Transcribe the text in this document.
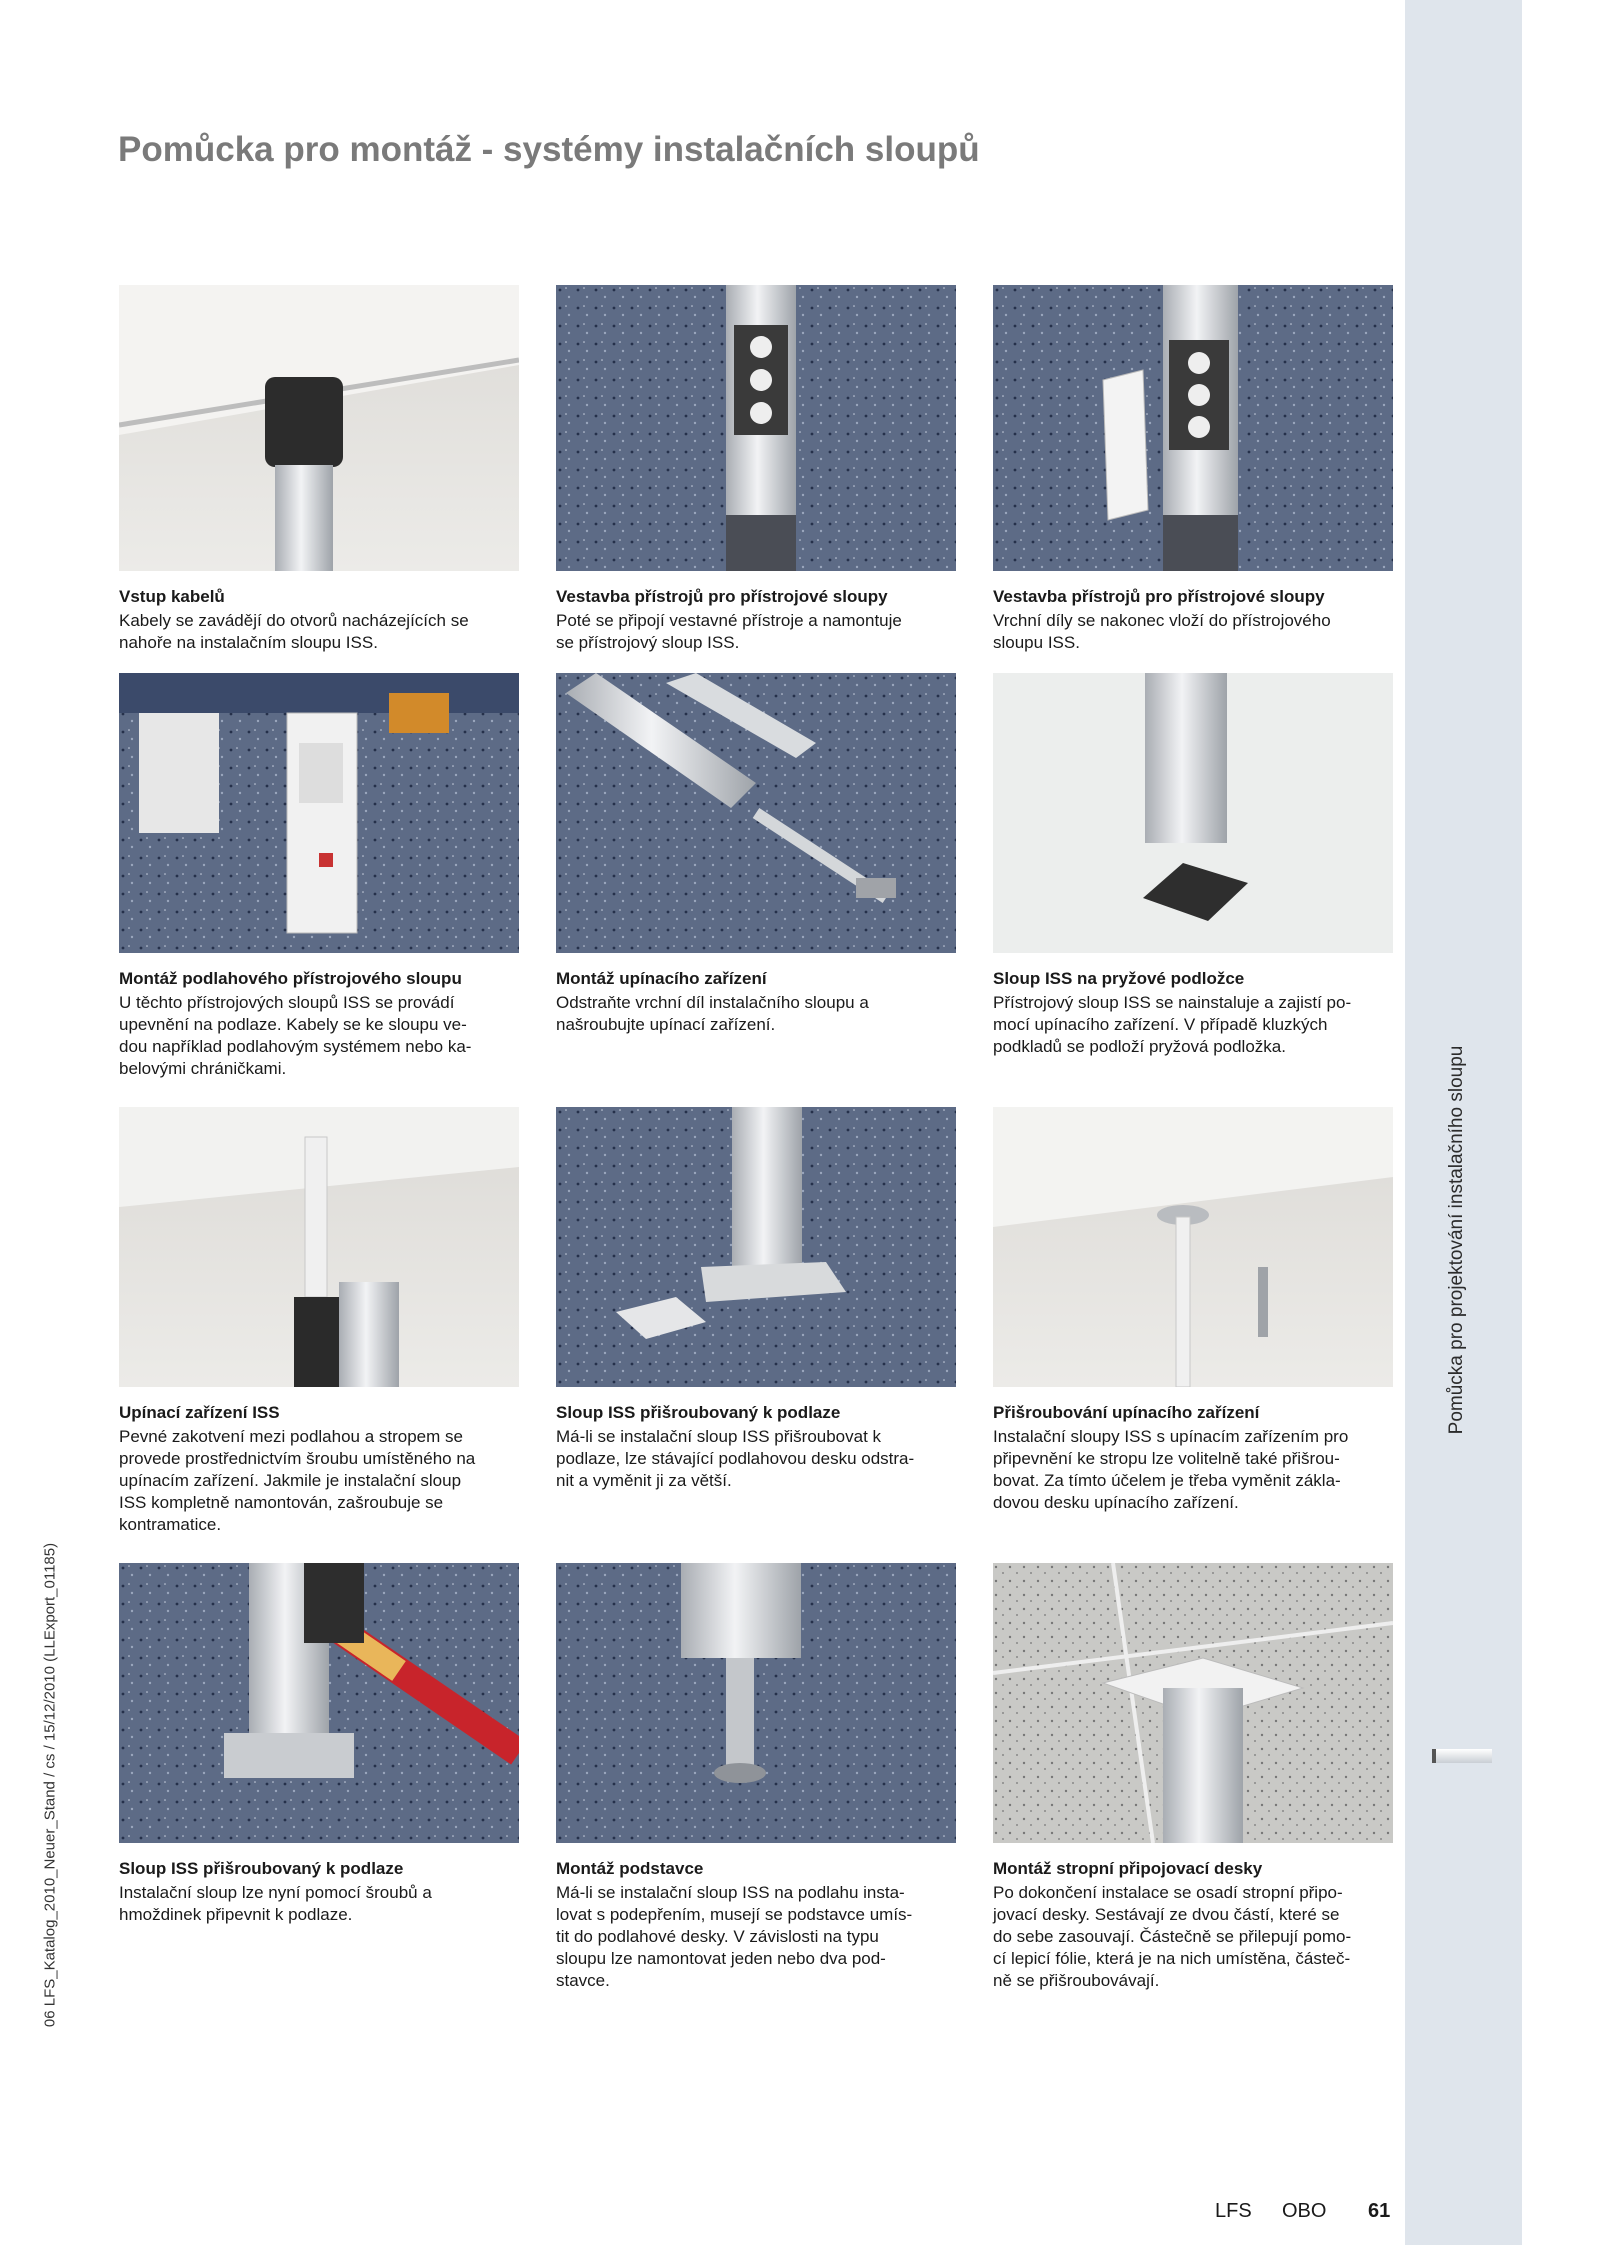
Pomůcka pro projektování instalačního sloupu
06 LFS_Katalog_2010_Neuer_Stand / cs / 15/12/2010 (LLExport_01185)
Pomůcka pro montáž - systémy instalačních sloupů
Vstup kabelů
Kabely se zavádějí do otvorů nacházejících se
nahoře na instalačním sloupu ISS.
Vestavba přístrojů pro přístrojové sloupy
Poté se připojí vestavné přístroje a namontuje
se přístrojový sloup ISS.
Vestavba přístrojů pro přístrojové sloupy
Vrchní díly se nakonec vloží do přístrojového
sloupu ISS.
Montáž podlahového přístrojového sloupu
U těchto přístrojových sloupů ISS se provádí
upevnění na podlaze. Kabely se ke sloupu ve-
dou například podlahovým systémem nebo ka-
belovými chráničkami.
Montáž upínacího zařízení
Odstraňte vrchní díl instalačního sloupu a
našroubujte upínací zařízení.
Sloup ISS na pryžové podložce
Přístrojový sloup ISS se nainstaluje a zajistí po-
mocí upínacího zařízení. V případě kluzkých
podkladů se podloží pryžová podložka.
Upínací zařízení ISS
Pevné zakotvení mezi podlahou a stropem se
provede prostřednictvím šroubu umístěného na
upínacím zařízení. Jakmile je instalační sloup
ISS kompletně namontován, zašroubuje se
kontramatice.
Sloup ISS přišroubovaný k podlaze
Má-li se instalační sloup ISS přišroubovat k
podlaze, lze stávající podlahovou desku odstra-
nit a vyměnit ji za větší.
Přišroubování upínacího zařízení
Instalační sloupy ISS s upínacím zařízením pro
připevnění ke stropu lze volitelně také přišrou-
bovat. Za tímto účelem je třeba vyměnit zákla-
dovou desku upínacího zařízení.
Sloup ISS přišroubovaný k podlaze
Instalační sloup lze nyní pomocí šroubů a
hmoždinek připevnit k podlaze.
Montáž podstavce
Má-li se instalační sloup ISS na podlahu insta-
lovat s podepřením, musejí se podstavce umís-
tit do podlahové desky. V závislosti na typu
sloupu lze namontovat jeden nebo dva pod-
stavce.
Montáž stropní připojovací desky
Po dokončení instalace se osadí stropní připo-
jovací desky. Sestávají ze dvou částí, které se
do sebe zasouvají. Částečně se přilepují pomo-
cí lepicí fólie, která je na nich umístěna, částeč-
ně se přišroubovávají.
LFS OBO 61
